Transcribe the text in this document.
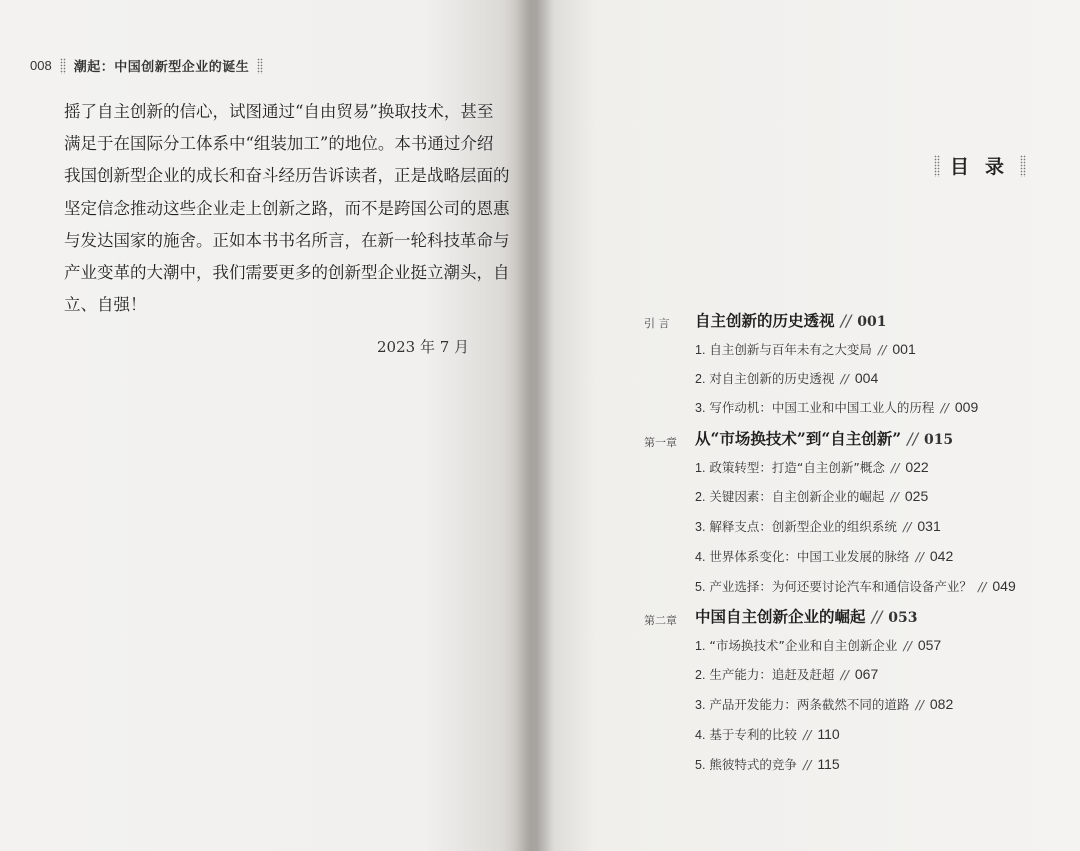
008 潮起：中国创新型企业的诞生
摇了自主创新的信心，试图通过“自由贸易”换取技术，甚至
满足于在国际分工体系中“组装加工”的地位。本书通过介绍
我国创新型企业的成长和奋斗经历告诉读者，正是战略层面的
坚定信念推动这些企业走上创新之路，而不是跨国公司的恩惠
与发达国家的施舍。正如本书书名所言，在新一轮科技革命与
产业变革的大潮中，我们需要更多的创新型企业挺立潮头，自
立、自强！
2023 年 7 月
目录
引 言 自主创新的历史透视 // 001
1. 自主创新与百年未有之大变局 // 001
2. 对自主创新的历史透视 // 004
3. 写作动机：中国工业和中国工业人的历程 // 009
第一章 从“市场换技术”到“自主创新” // 015
1. 政策转型：打造“自主创新”概念 // 022
2. 关键因素：自主创新企业的崛起 // 025
3. 解释支点：创新型企业的组织系统 // 031
4. 世界体系变化：中国工业发展的脉络 // 042
5. 产业选择：为何还要讨论汽车和通信设备产业？ // 049
第二章 中国自主创新企业的崛起 // 053
1. “市场换技术”企业和自主创新企业 // 057
2. 生产能力：追赶及赶超 // 067
3. 产品开发能力：两条截然不同的道路 // 082
4. 基于专利的比较 // 110
5. 熊彼特式的竞争 // 115
